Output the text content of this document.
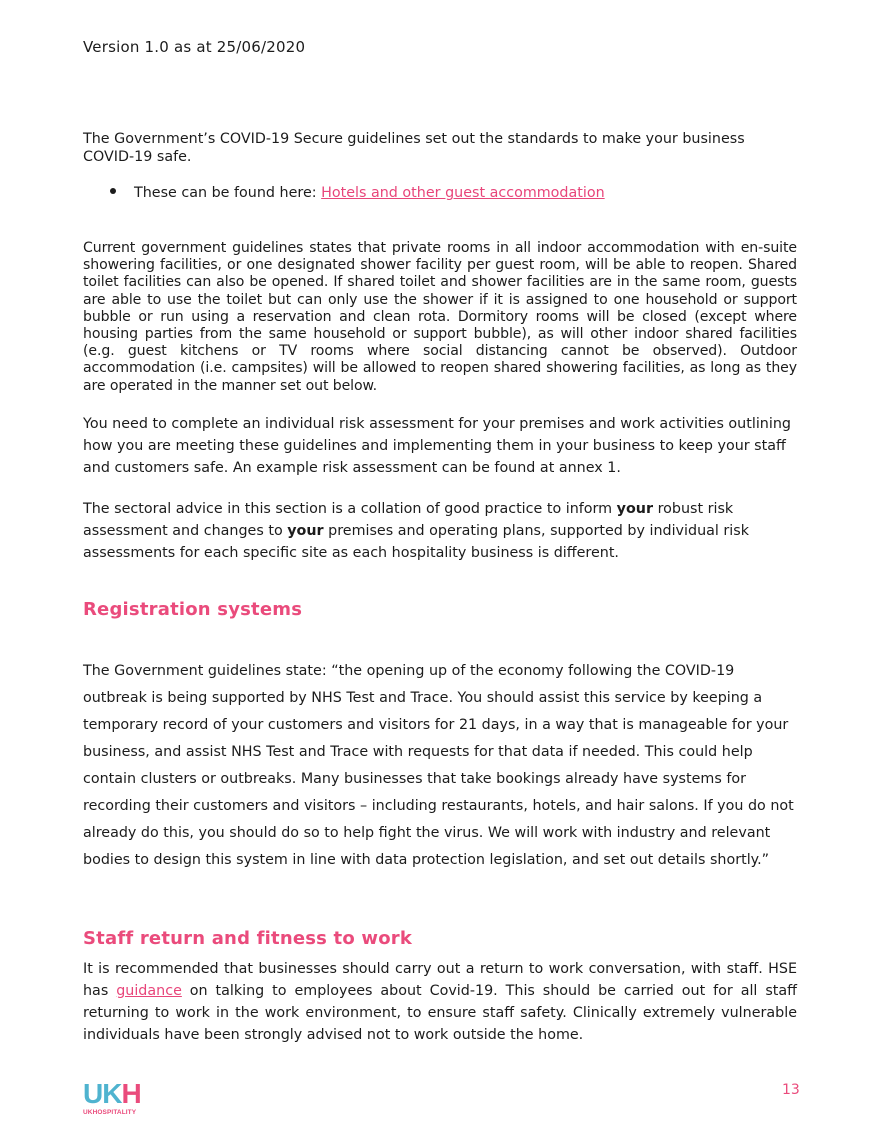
Version 1.0 as at 25/06/2020

The Government’s COVID-19 Secure guidelines set out the standards to make your business COVID-19 safe.

These can be found here: Hotels and other guest accommodation

Current government guidelines states that private rooms in all indoor accommodation with en-suite showering facilities, or one designated shower facility per guest room, will be able to reopen. Shared toilet facilities can also be opened. If shared toilet and shower facilities are in the same room, guests are able to use the toilet but can only use the shower if it is assigned to one household or support bubble or run using a reservation and clean rota. Dormitory rooms will be closed (except where housing parties from the same household or support bubble), as will other indoor shared facilities (e.g. guest kitchens or TV rooms where social distancing cannot be observed). Outdoor accommodation (i.e. campsites) will be allowed to reopen shared showering facilities, as long as they are operated in the manner set out below.

You need to complete an individual risk assessment for your premises and work activities outlining how you are meeting these guidelines and implementing them in your business to keep your staff and customers safe. An example risk assessment can be found at annex 1.

The sectoral advice in this section is a collation of good practice to inform your robust risk assessment and changes to your premises and operating plans, supported by individual risk assessments for each specific site as each hospitality business is different.

Registration systems

The Government guidelines state: “the opening up of the economy following the COVID-19 outbreak is being supported by NHS Test and Trace. You should assist this service by keeping a temporary record of your customers and visitors for 21 days, in a way that is manageable for your business, and assist NHS Test and Trace with requests for that data if needed. This could help contain clusters or outbreaks. Many businesses that take bookings already have systems for recording their customers and visitors – including restaurants, hotels, and hair salons. If you do not already do this, you should do so to help fight the virus. We will work with industry and relevant bodies to design this system in line with data protection legislation, and set out details shortly.”

Staff return and fitness to work

It is recommended that businesses should carry out a return to work conversation, with staff. HSE has guidance on talking to employees about Covid-19. This should be carried out for all staff returning to work in the work environment, to ensure staff safety. Clinically extremely vulnerable individuals have been strongly advised not to work outside the home.

UKH
UKHOSPITALITY
13
